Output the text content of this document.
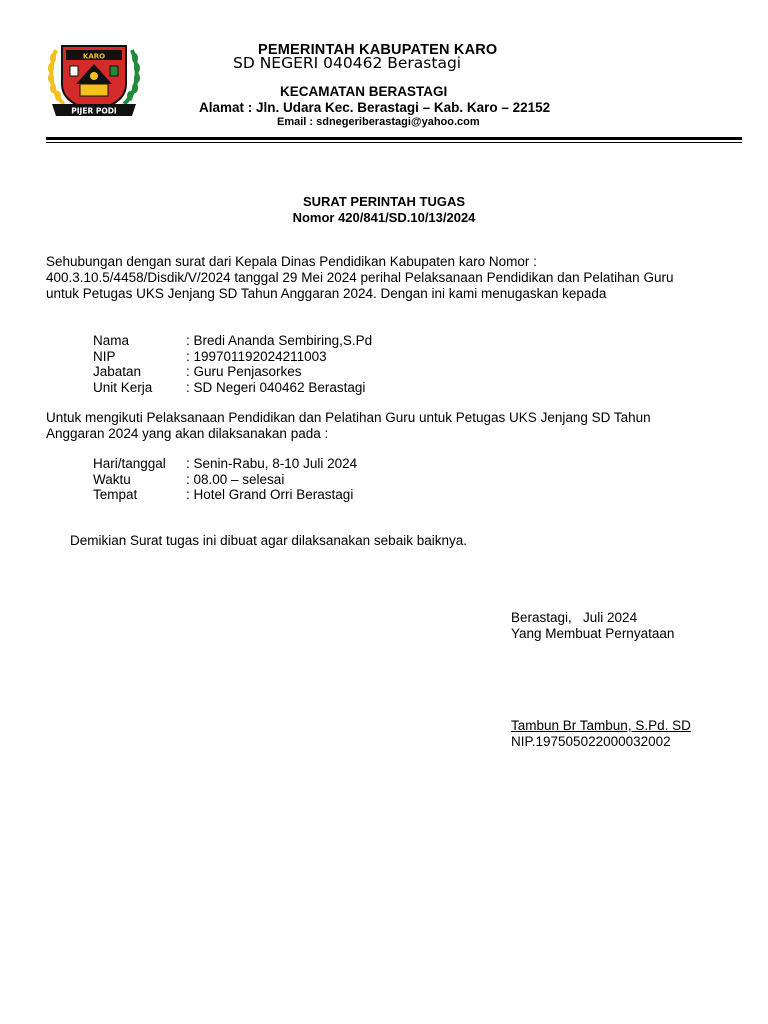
KARO
PIJER PODI
PEMERINTAH KABUPATEN KARO
SD NEGERI 040462 Berastagi
KECAMATAN BERASTAGI
Alamat : Jln. Udara Kec. Berastagi – Kab. Karo – 22152
Email : sdnegeriberastagi@yahoo.com
SURAT PERINTAH TUGAS
Nomor 420/841/SD.10/13/2024
Sehubungan dengan surat dari Kepala Dinas Pendidikan Kabupaten karo Nomor :
400.3.10.5/4458/Disdik/V/2024 tanggal 29 Mei 2024 perihal Pelaksanaan Pendidikan dan Pelatihan Guru
untuk Petugas UKS Jenjang SD Tahun Anggaran 2024. Dengan ini kami menugaskan kepada
Nama	: Bredi Ananda Sembiring,S.Pd
NIP	: 199701192024211003
Jabatan	: Guru Penjasorkes
Unit Kerja	: SD Negeri 040462 Berastagi
Untuk mengikuti Pelaksanaan Pendidikan dan Pelatihan Guru untuk Petugas UKS Jenjang SD Tahun
Anggaran 2024 yang akan dilaksanakan pada :
Hari/tanggal	: Senin-Rabu, 8-10 Juli 2024
Waktu	: 08.00 – selesai
Tempat	: Hotel Grand Orri Berastagi
Demikian Surat tugas ini dibuat agar dilaksanakan sebaik baiknya.
Berastagi,   Juli 2024
Yang Membuat Pernyataan
Tambun Br Tambun, S.Pd. SD
NIP.197505022000032002
